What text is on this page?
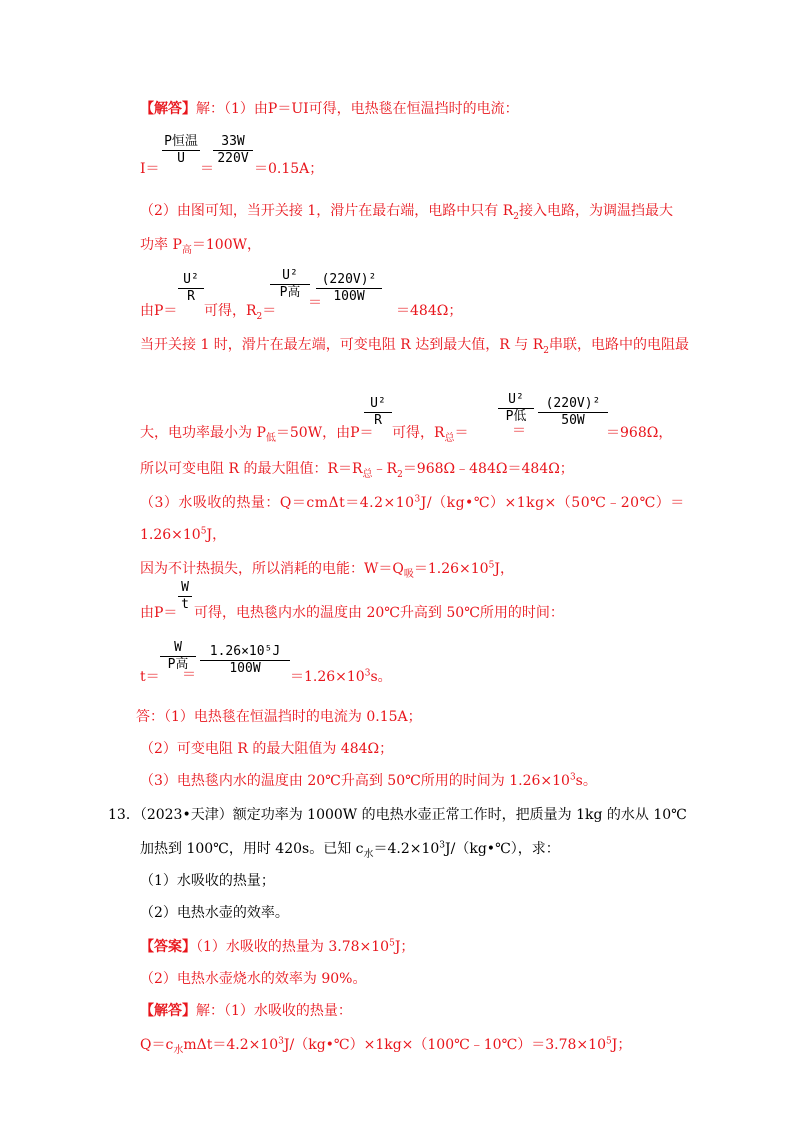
【解答】解：（1）由P＝UI可得，电热毯在恒温挡时的电流：
I＝
P恒温
U
33W
220V
＝	＝0.15A；
（2）由图可知，当开关接 1，滑片在最右端，电路中只有 $R_2$接入电路，为调温挡最大
功率 $P_高=100W$，
由P＝
U²
R
可得，$R_2=$
U²
P高
＝
(220V)²
100W
＝484Ω；
当开关接 1 时，滑片在最左端，可变电阻 R 达到最大值，R 与 $R_2$串联，电路中的电阻最
大，电功率最小为 $P_低=50W$，由P＝
U²
R
可得，$R_总=$
U²
P低
＝
(220V)²
50W
＝968Ω，
所以可变电阻 R 的最大阻值：$R=R_总﹣R_2=968\Omega﹣484\Omega=484\Omega$；
（3）水吸收的热量：$Q=cm\Delta t=4.2\times 10^3J/(kg•℃)\times 1kg\times(50℃﹣20℃)=$
$1.26\times 10^5J$，
因为不计热损失，所以消耗的电能：$W=Q_吸=1.26\times 10^5J$，
由P＝
W
t
可得，电热毯内水的温度由 20℃升高到 50℃所用的时间：
t＝
W
P高
＝
1.26×10⁵J
100W
$=1.26\times 10^3s$。
答：（1）电热毯在恒温挡时的电流为 0.15A；
（2）可变电阻 R 的最大阻值为 484Ω；
（3）电热毯内水的温度由 20℃升高到 50℃所用的时间为 $1.26\times 10^3s$。
13．（2023•天津）额定功率为 1000W 的电热水壶正常工作时，把质量为 1kg 的水从 10℃
加热到 100℃，用时 420s。已知 $c_水=4.2\times 10^3J/(kg•℃)$，求：
（1）水吸收的热量；
（2）电热水壶的效率。
【答案】（1）水吸收的热量为 $3.78\times 10^5J$；
（2）电热水壶烧水的效率为 90%。
【解答】解：（1）水吸收的热量：
$Q=c_水m\Delta t=4.2\times 10^3J/(kg•℃)\times 1kg\times(100℃﹣10℃)=3.78\times 10^5J$；
